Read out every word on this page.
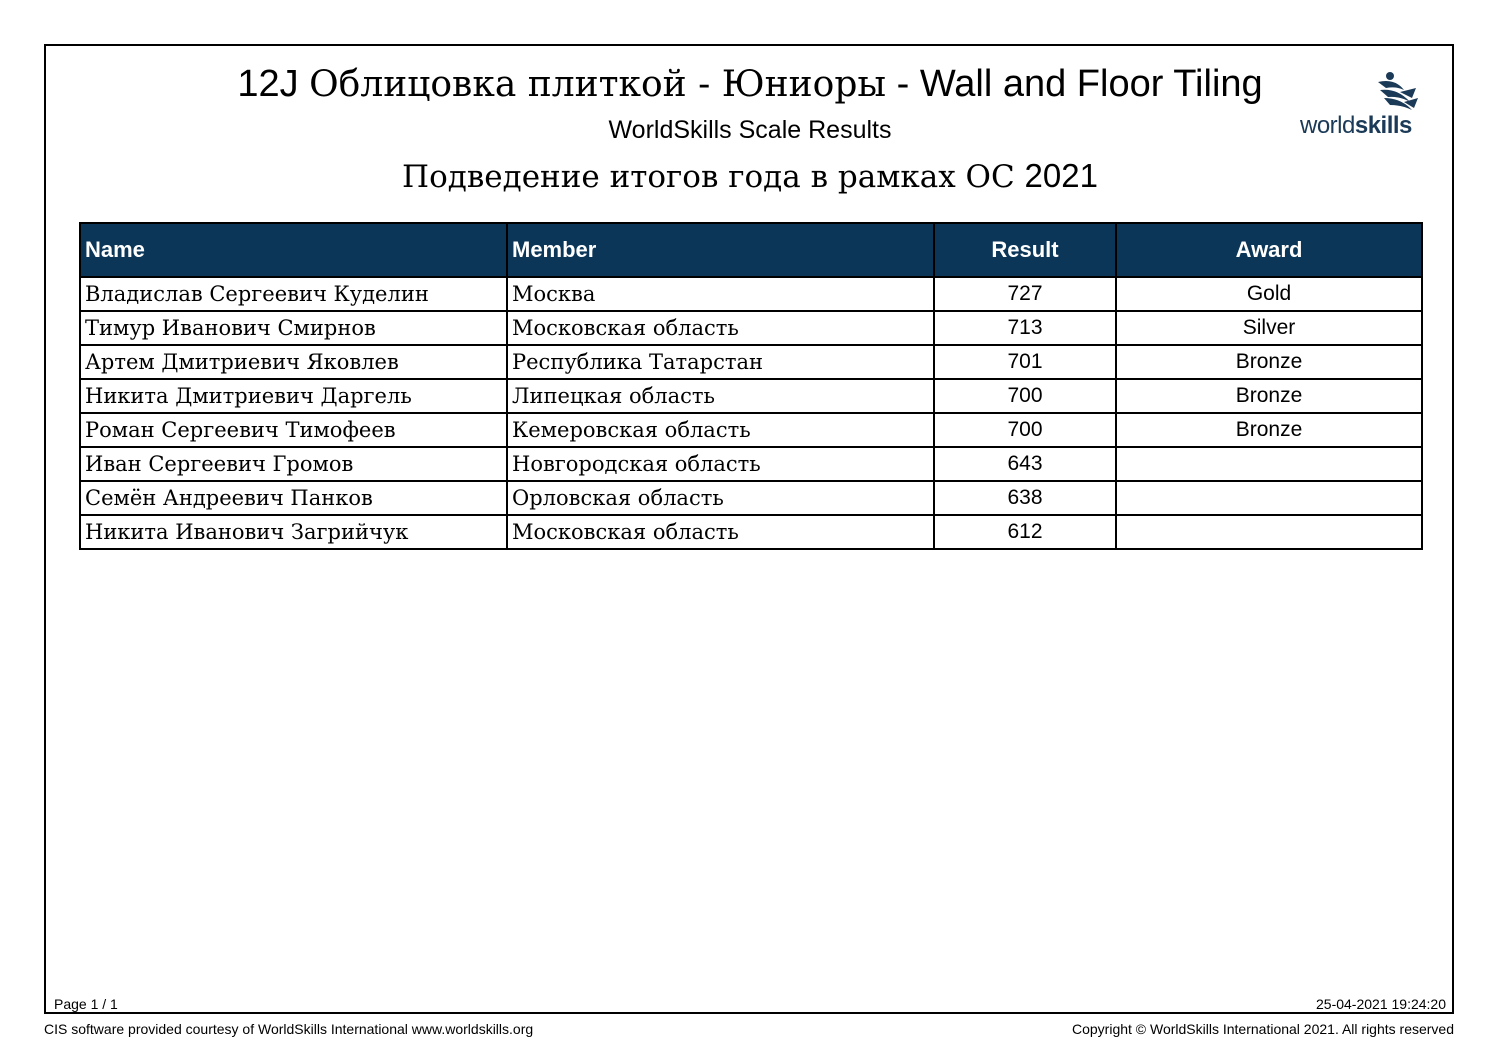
12J Облицовка плиткой - Юниоры - Wall and Floor Tiling
WorldSkills Scale Results
Подведение итогов года в рамках ОС 2021
worldskills
Name	Member	Result	Award
Владислав Сергеевич Куделин	Москва	727	Gold
Тимур Иванович Смирнов	Московская область	713	Silver
Артем Дмитриевич Яковлев	Республика Татарстан	701	Bronze
Никита Дмитриевич Даргель	Липецкая область	700	Bronze
Роман Сергеевич Тимофеев	Кемеровская область	700	Bronze
Иван Сергеевич Громов	Новгородская область	643	
Семён Андреевич Панков	Орловская область	638	
Никита Иванович Загрийчук	Московская область	612	
Page 1 / 1	25-04-2021 19:24:20
CIS software provided courtesy of WorldSkills International www.worldskills.org	Copyright © WorldSkills International 2021. All rights reserved
